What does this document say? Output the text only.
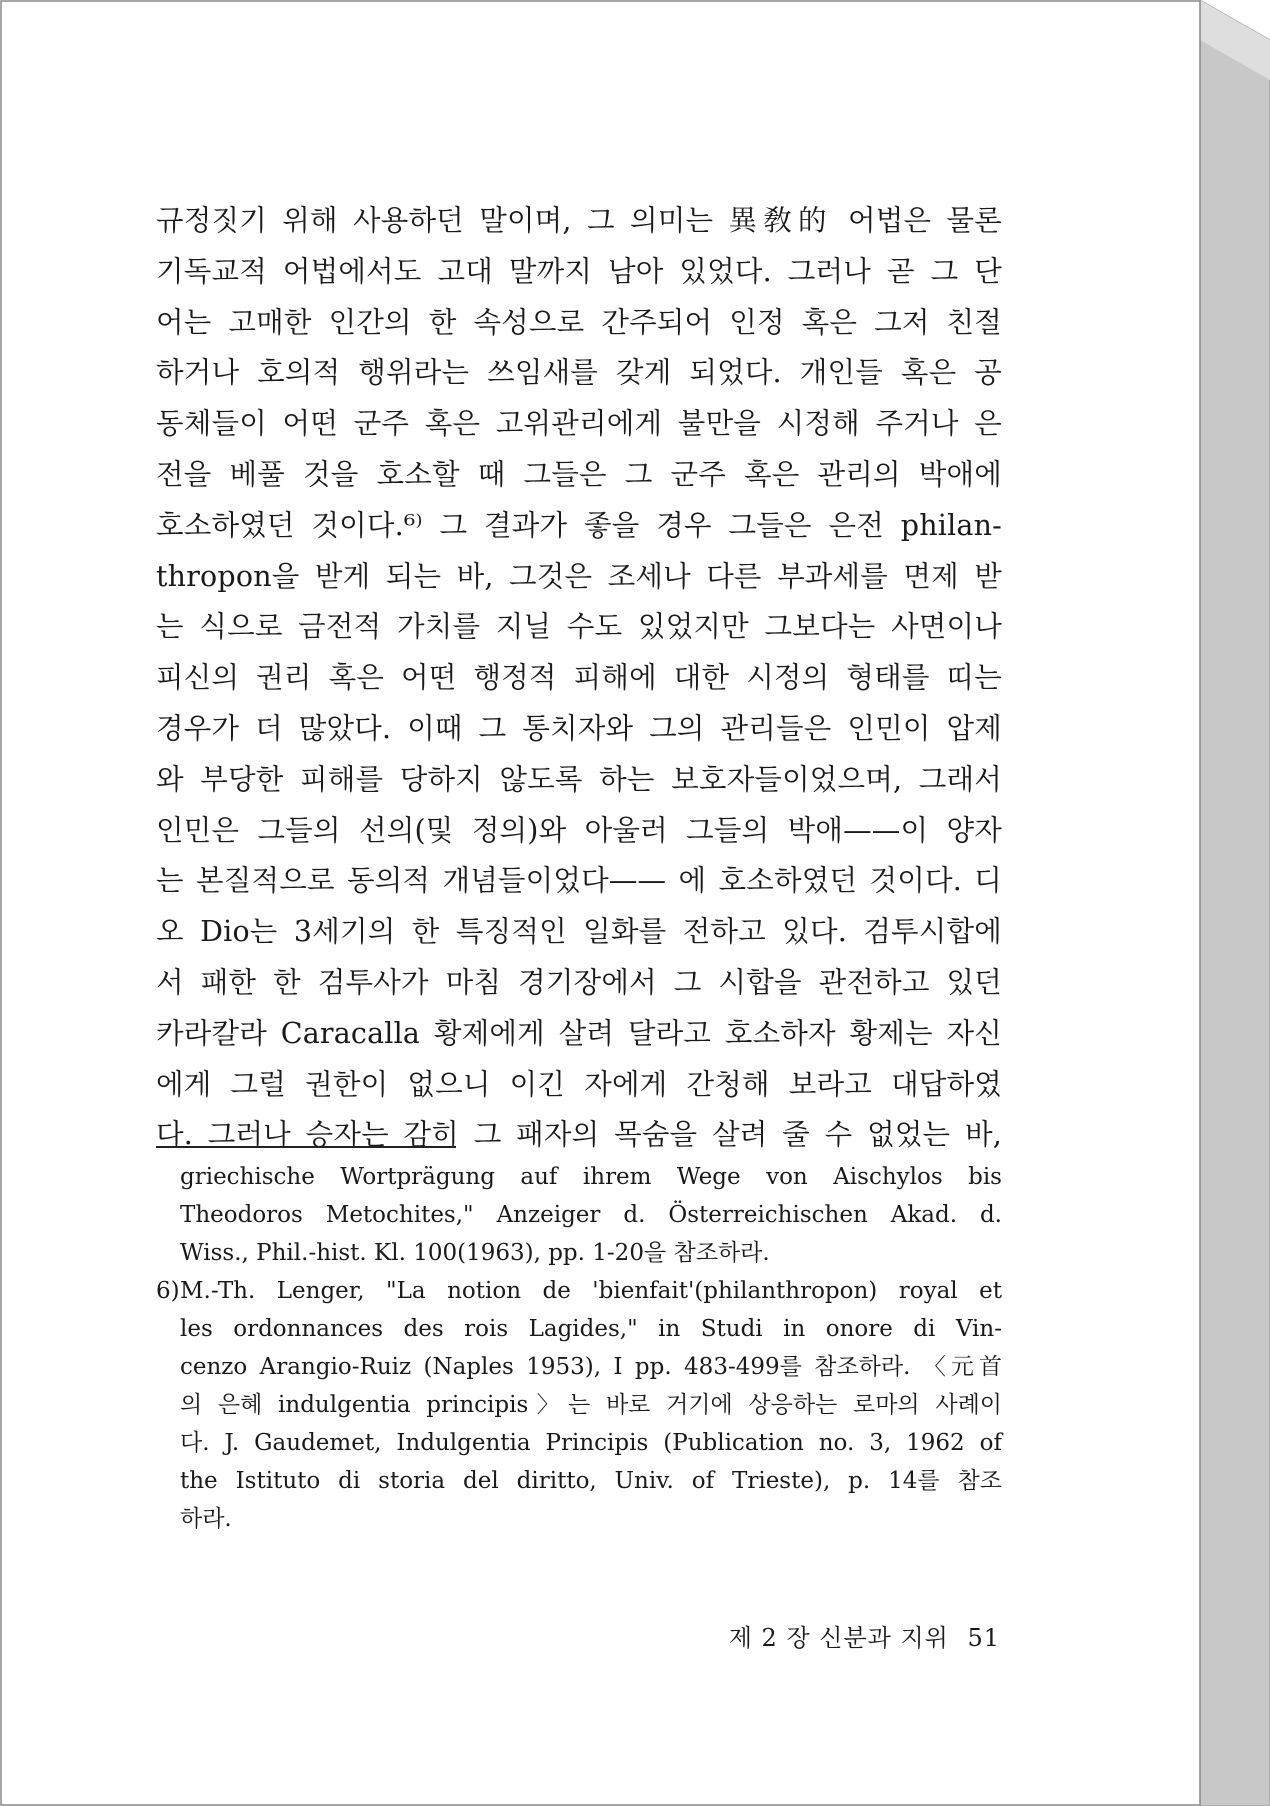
규정짓기 위해 사용하던 말이며, 그 의미는 異敎的 어법은 물론
기독교적 어법에서도 고대 말까지 남아 있었다. 그러나 곧 그 단
어는 고매한 인간의 한 속성으로 간주되어 인정 혹은 그저 친절
하거나 호의적 행위라는 쓰임새를 갖게 되었다. 개인들 혹은 공
동체들이 어떤 군주 혹은 고위관리에게 불만을 시정해 주거나 은
전을 베풀 것을 호소할 때 그들은 그 군주 혹은 관리의 박애에
호소하였던 것이다.⁶⁾ 그 결과가 좋을 경우 그들은 은전 philan-
thropon을 받게 되는 바, 그것은 조세나 다른 부과세를 면제 받
는 식으로 금전적 가치를 지닐 수도 있었지만 그보다는 사면이나
피신의 권리 혹은 어떤 행정적 피해에 대한 시정의 형태를 띠는
경우가 더 많았다. 이때 그 통치자와 그의 관리들은 인민이 압제
와 부당한 피해를 당하지 않도록 하는 보호자들이었으며, 그래서
인민은 그들의 선의(및 정의)와 아울러 그들의 박애——이 양자
는 본질적으로 동의적 개념들이었다—— 에 호소하였던 것이다. 디
오 Dio는 3세기의 한 특징적인 일화를 전하고 있다. 검투시합에
서 패한 한 검투사가 마침 경기장에서 그 시합을 관전하고 있던
카라칼라 Caracalla 황제에게 살려 달라고 호소하자 황제는 자신
에게 그럴 권한이 없으니 이긴 자에게 간청해 보라고 대답하였
다. 그러나 승자는 감히 그 패자의 목숨을 살려 줄 수 없었는 바,
griechische Wortprägung auf ihrem Wege von Aischylos bis
Theodoros Metochites," Anzeiger d. Österreichischen Akad. d.
Wiss., Phil.-hist. Kl. 100(1963), pp. 1-20을 참조하라.
6) M.-Th. Lenger, "La notion de 'bienfait'(philanthropon) royal et
les ordonnances des rois Lagides," in Studi in onore di Vin-
cenzo Arangio-Ruiz (Naples 1953), I pp. 483-499를 참조하라. 〈元首
의 은혜 indulgentia principis〉는 바로 거기에 상응하는 로마의 사례이
다. J. Gaudemet, Indulgentia Principis (Publication no. 3, 1962 of
the Istituto di storia del diritto, Univ. of Trieste), p. 14를 참조
하라.
제 2 장 신분과 지위 51
